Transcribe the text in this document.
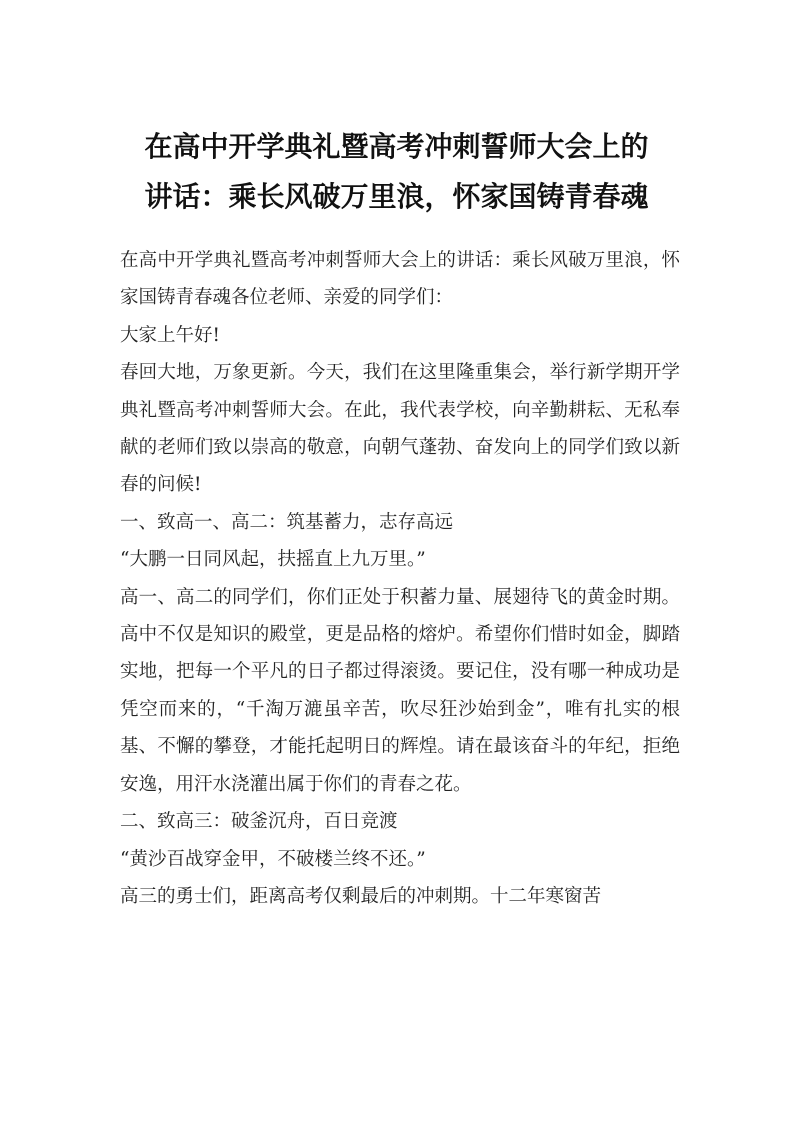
在高中开学典礼暨高考冲刺誓师大会上的
讲话：乘长风破万里浪，怀家国铸青春魂

在高中开学典礼暨高考冲刺誓师大会上的讲话：乘长风破万里浪，怀家国铸青春魂各位老师、亲爱的同学们：

大家上午好!

春回大地，万象更新。今天，我们在这里隆重集会，举行新学期开学典礼暨高考冲刺誓师大会。在此，我代表学校，向辛勤耕耘、无私奉献的老师们致以崇高的敬意，向朝气蓬勃、奋发向上的同学们致以新春的问候!

一、致高一、高二：筑基蓄力，志存高远

“大鹏一日同风起，扶摇直上九万里。”

高一、高二的同学们，你们正处于积蓄力量、展翅待飞的黄金时期。高中不仅是知识的殿堂，更是品格的熔炉。希望你们惜时如金，脚踏实地，把每一个平凡的日子都过得滚烫。要记住，没有哪一种成功是凭空而来的，“千淘万漉虽辛苦，吹尽狂沙始到金”，唯有扎实的根基、不懈的攀登，才能托起明日的辉煌。请在最该奋斗的年纪，拒绝安逸，用汗水浇灌出属于你们的青春之花。

二、致高三：破釜沉舟，百日竞渡

“黄沙百战穿金甲，不破楼兰终不还。”

高三的勇士们，距离高考仅剩最后的冲刺期。十二年寒窗苦
